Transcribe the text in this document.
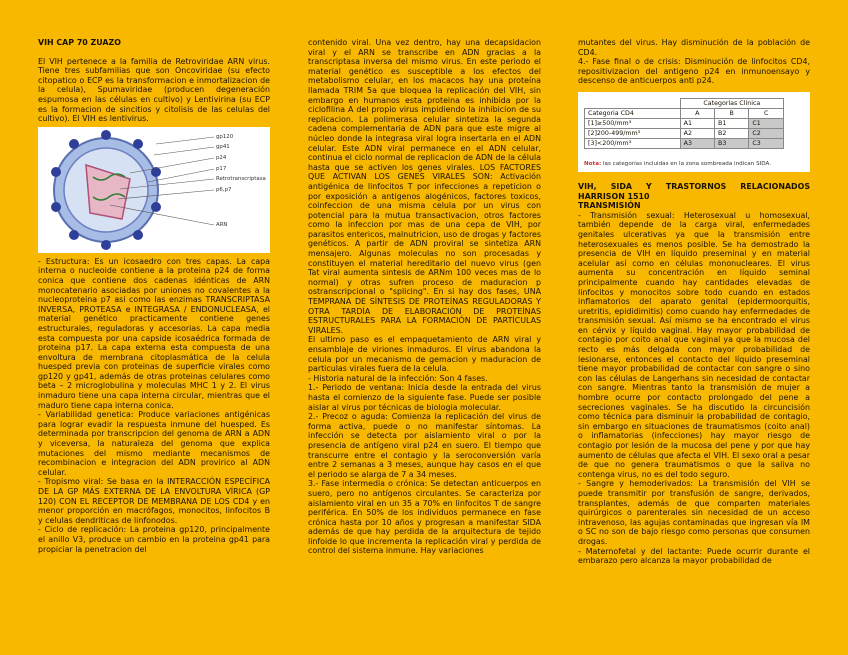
VIH CAP 70 ZUAZO

El VIH pertenece a la familia de Retroviridae ARN virus. Tiene tres subfamilias que son Oncoviridae (su efecto citopatico o ECP es la transformacion e inmortalizacion de la celula), Spumaviridae (producen degeneración espumosa en las células en cultivo) y Lentivirina (su ECP es la formacion de sincitios y citolisis de las celulas del cultivo). El VIH es lentivirus.

gp120
gp41
p24
p17
Retrotranscriptasa
p6,p7
ARN

- Estructura: Es un icosaedro con tres capas. La capa interna o nucleoide contiene a la proteina p24 de forma conica que contiene dos cadenas idénticas de ARN monocatenario asociadas por uniones no covalentes a la nucleoproteina p7 asi como las enzimas TRANSCRIPTASA INVERSA, PROTEASA e INTEGRASA / ENDONUCLEASA, el material genético practicamente contiene genes estructurales, reguladoras y accesorias. La capa media esta compuesta por una capside icosaédrica formada de proteina p17. La capa externa esta compuesta de una envoltura de membrana citoplasmática de la celula huesped previa con proteinas de superficie virales como gp120 y gp41, además de otras proteinas celulares como beta – 2 microglobulina y moleculas MHC 1 y 2. El virus inmaduro tiene una capa interna circular, mientras que el maduro tiene capa interna conica.

- Variabilidad genetica: Produce variaciones antigénicas para lograr evadir la respuesta inmune del huesped. Es determinada por transcripcion del genoma de ARN a ADN y viceversa, la naturaleza del genoma que explica mutaciones del mismo mediante mecanismos de recombinacion e integracion del ADN provirico al ADN celular.

- Tropismo viral: Se basa en la INTERACCIÓN ESPECÍFICA DE LA GP MÁS EXTERNA DE LA ENVOLTURA VÍRICA (GP 120) CON EL RECEPTOR DE MEMBRANA DE LOS CD4 y en menor proporción en macrófagos, monocitos, linfocitos B y celulas dendriticas de linfonodos.

- Ciclo de replicación: La proteina gp120, principalmente el anillo V3, produce un cambio en la proteina gp41 para propiciar la penetracion del

contenido viral. Una vez dentro, hay una decapsidacion viral y el ARN se transcribe en ADN gracias a la transcriptasa inversa del mismo virus. En este periodo el material genético es susceptible a los efectos del metabolismo celular, en los macacos hay una proteína llamada TRIM 5a que bloquea la replicación del VIH, sin embargo en humanos esta proteina es inhibida por la ciclofilina A del propio virus impidiendo la inhibicion de su replicacion. La polimerasa celular sintetiza la segunda cadena complementaria de ADN para que este migre al núcleo donde la integrasa viral logra insertarla en el ADN celular. Este ADN viral permanece en el ADN celular, continua el ciclo normal de replicacion de ADN de la célula hasta que se activen los genes virales. LOS FACTORES QUE ACTIVAN LOS GENES VIRALES SON: Activación antigénica de linfocitos T por infecciones a repeticion o por exposición a antigenos alogénicos, factores toxicos, coinfeccion de una misma celula por un virus con potencial para la mutua transactivacion, otros factores como la infeccion por mas de una cepa de VIH, por parasitos entericos, malnutricion, uso de drogas y factores genéticos. A partir de ADN proviral se sintetiza ARN mensajero. Algunas moleculas no son procesadas y constituyen el material hereditario del nuevo virus (gen Tat viral aumenta sintesis de ARNm 100 veces mas de lo normal) y otras sufren proceso de maduracion p ostranscripcional o "splicing". En si hay dos fases, UNA TEMPRANA DE SÍNTESIS DE PROTEÍNAS REGULADORAS Y OTRA TARDÍA DE ELABORACIÓN DE PROTEÍNAS ESTRUCTURALES PARA LA FORMACIÓN DE PARTÍCULAS VIRALES.

El ultimo paso es el empaquetamiento de ARN viral y ensamblaje de viriones inmaduros. El virus abandona la celula por un mecanismo de gemacion y maduracion de particulas virales fuera de la celula.

- Historia natural de la infección: Son 4 fases.

1.- Periodo de ventana: Inicia desde la entrada del virus hasta el comienzo de la siguiente fase. Puede ser posible aislar al virus por técnicas de biologia molecular.

2.- Precoz o aguda: Comienza la replicación del virus de forma activa, puede o no manifestar síntomas. La infección se detecta por aislamiento viral o por la presencia de antígeno viral p24 en suero. El tiempo que transcurre entre el contagio y la seroconversión varía entre 2 semanas a 3 meses, aunque hay casos en el que el periodo se alarga de 7 a 34 meses.

3.- Fase intermedia o crónica: Se detectan anticuerpos en suero, pero no antígenos circulantes. Se caracteriza por aislamiento viral en un 35 a 70% en linfocitos T de sangre periférica. En 50% de los individuos permanece en fase crónica hasta por 10 años y progresan a manifestar SIDA además de que hay perdida de la arquitectura de tejido linfoide lo que incrementa la replicación viral y perdida de control del sistema inmune. Hay variaciones

mutantes del virus. Hay disminución de la población de CD4.

4.- Fase final o de crisis: Disminución de linfocitos CD4, repositivizacion del antigeno p24 en inmunoensayo y descenso de anticuerpos anti p24.

	Categorías Clínica		
Categoria CD4	A	B	C
[1]≥500/mm³	A1	B1	C1
[2]200-499/mm³	A2	B2	C2
[3]<200/mm³	A3	B3	C3
Nota: las categorías incluidas en la zona sombreada indican SIDA.

VIH, SIDA Y TRASTORNOS RELACIONADOS HARRISON 1510

TRANSMISIÓN

- Transmisión sexual: Heterosexual u homosexual, también depende de la carga viral, enfermedades genitales ulcerativas ya que la transmisión entre heterosexuales es menos posible. Se ha demostrado la presencia de VIH en líquido preseminal y en material acelular así como en células mononucleares. El virus aumenta su concentración en líquido seminal principalmente cuando hay cantidades elevadas de linfocitos y monocitos sobre todo cuando en estados inflamatorios del aparato genital (epidermoorquitis, uretritis, epididimitis) como cuando hay enfermedades de transmisión sexual. Así mismo se ha encontrado el virus en cérvix y líquido vaginal. Hay mayor probabilidad de contagio por coito anal que vaginal ya que la mucosa del recto es más delgada con mayor probabilidad de lesionarse, entonces el contacto del líquido preseminal tiene mayor probabilidad de contactar con sangre o sino con las células de Langerhans sin necesidad de contactar con sangre. Mientras tanto la transmisión de mujer a hombre ocurre por contacto prolongado del pene a secreciones vaginales. Se ha discutido la circuncisión como técnica para disminuir la probabilidad de contagio, sin embargo en situaciones de traumatismos (coito anal) o inflamatorias (infecciones) hay mayor riesgo de contagio por lesión de la mucosa del pene y por que hay aumento de células que afecta el VIH. El sexo oral a pesar de que no genera traumatismos o que la saliva no contenga virus, no es del todo seguro.

- Sangre y hemoderivados: La transmisión del VIH se puede transmitir por transfusión de sangre, derivados, transplantes, además de que comparten materiales quirúrgicos o parenterales sin necesidad de un acceso intravenoso, las agujas contaminadas que ingresan vía IM o SC no son de bajo riesgo como personas que consumen drogas.

- Maternofetal y del lactante: Puede ocurrir durante el embarazo pero alcanza la mayor probabilidad de
